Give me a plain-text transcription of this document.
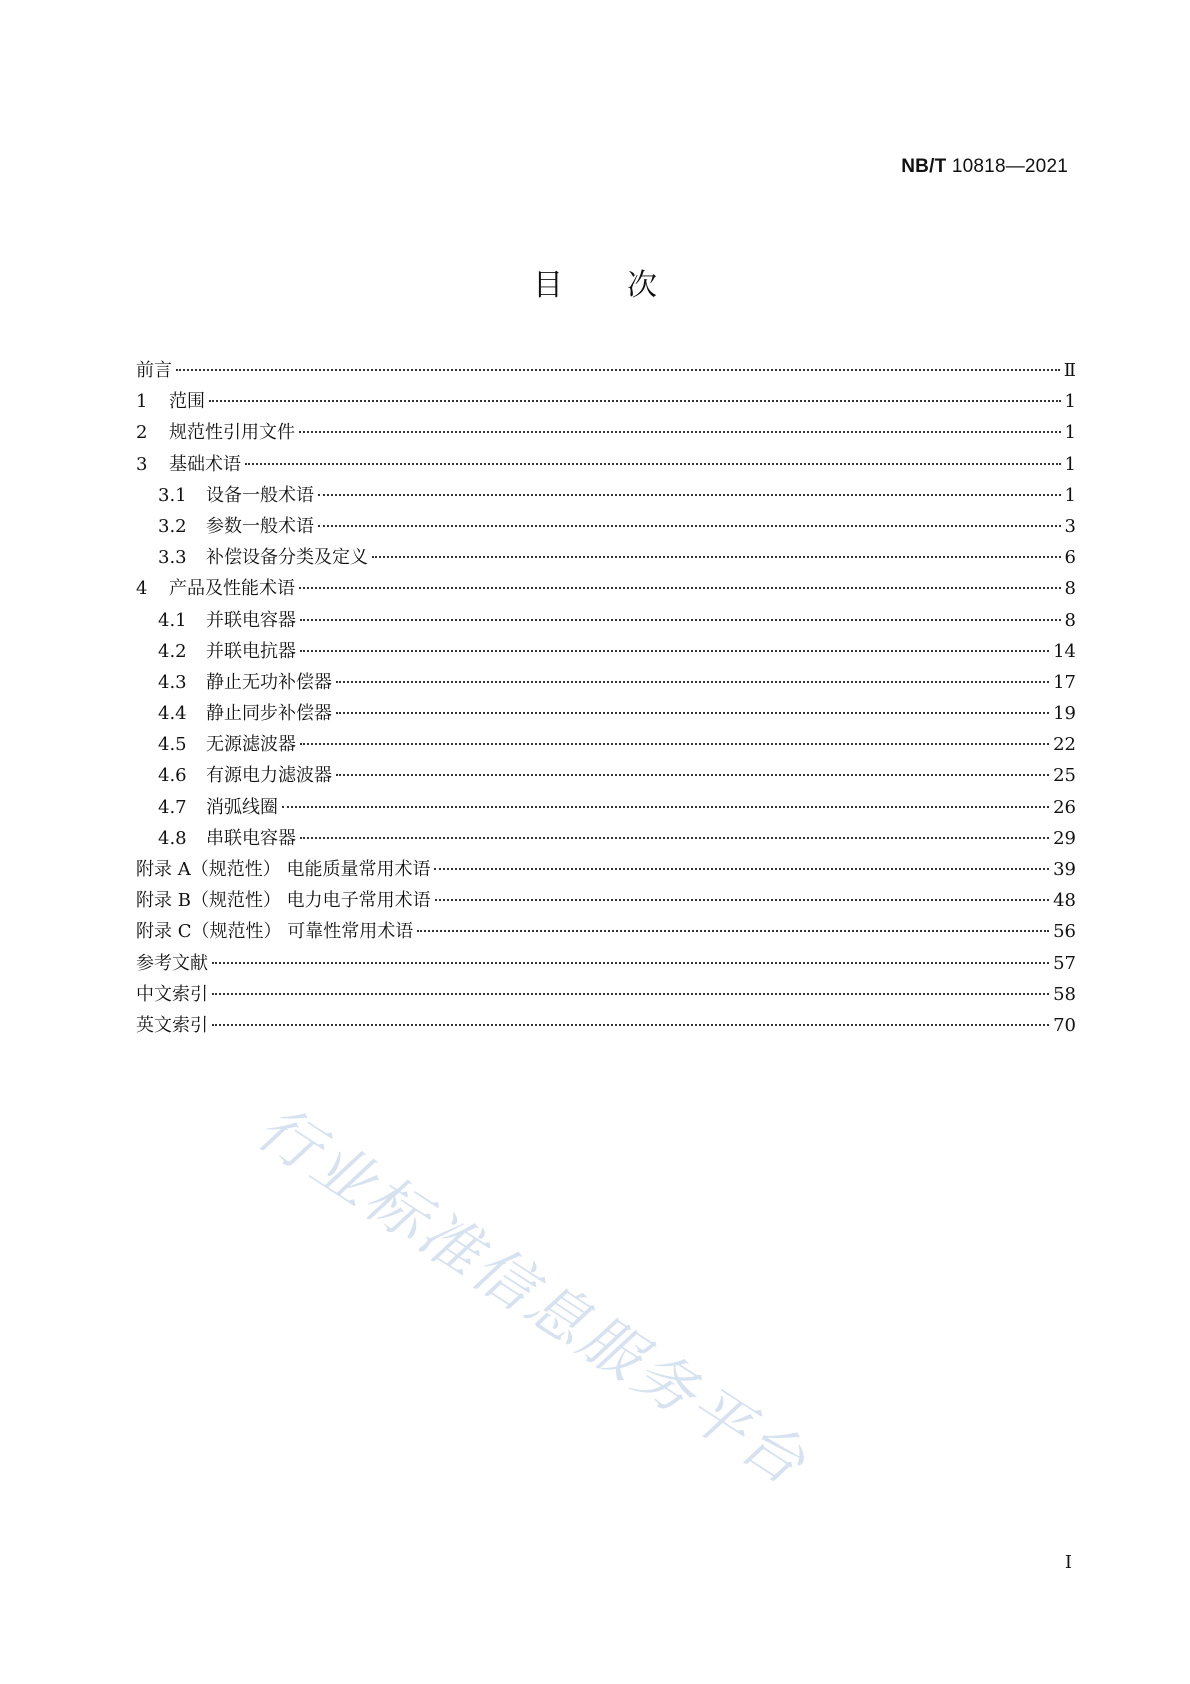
NB/T 10818—2021
目次
前言	Ⅱ
1	范围	1
2	规范性引用文件	1
3	基础术语	1
3.1	设备一般术语	1
3.2	参数一般术语	3
3.3	补偿设备分类及定义	6
4	产品及性能术语	8
4.1	并联电容器	8
4.2	并联电抗器	14
4.3	静止无功补偿器	17
4.4	静止同步补偿器	19
4.5	无源滤波器	22
4.6	有源电力滤波器	25
4.7	消弧线圈	26
4.8	串联电容器	29
附录 A（规范性） 电能质量常用术语	39
附录 B（规范性） 电力电子常用术语	48
附录 C（规范性） 可靠性常用术语	56
参考文献	57
中文索引	58
英文索引	70
行业标准信息服务平台
I
